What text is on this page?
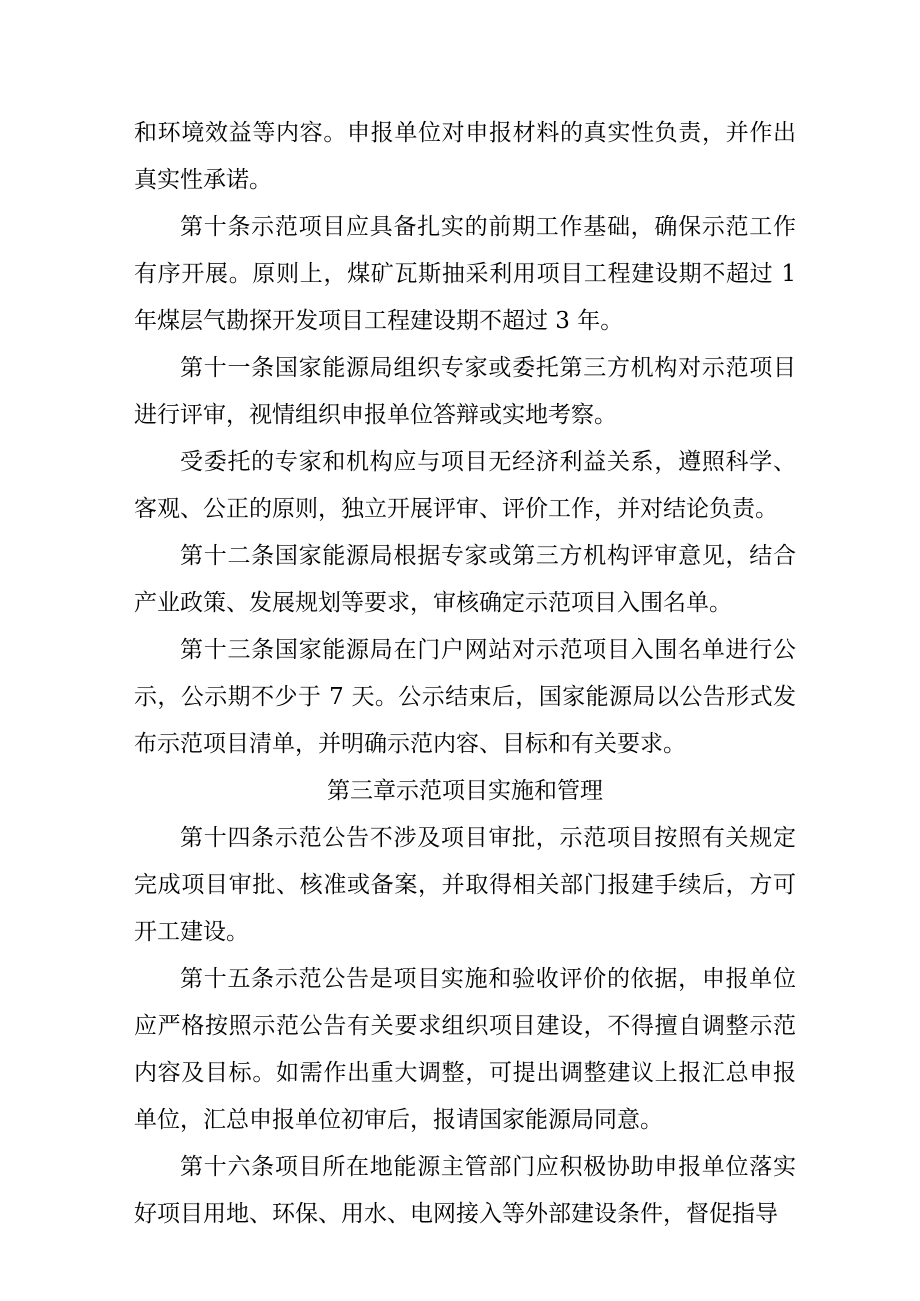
和环境效益等内容。申报单位对申报材料的真实性负责，并作出真实性承诺。

第十条示范项目应具备扎实的前期工作基础，确保示范工作有序开展。原则上，煤矿瓦斯抽采利用项目工程建设期不超过 1 年煤层气勘探开发项目工程建设期不超过 3 年。

第十一条国家能源局组织专家或委托第三方机构对示范项目进行评审，视情组织申报单位答辩或实地考察。

受委托的专家和机构应与项目无经济利益关系，遵照科学、客观、公正的原则，独立开展评审、评价工作，并对结论负责。

第十二条国家能源局根据专家或第三方机构评审意见，结合产业政策、发展规划等要求，审核确定示范项目入围名单。

第十三条国家能源局在门户网站对示范项目入围名单进行公示，公示期不少于 7 天。公示结束后，国家能源局以公告形式发布示范项目清单，并明确示范内容、目标和有关要求。

第三章示范项目实施和管理

第十四条示范公告不涉及项目审批，示范项目按照有关规定完成项目审批、核准或备案，并取得相关部门报建手续后，方可开工建设。

第十五条示范公告是项目实施和验收评价的依据，申报单位应严格按照示范公告有关要求组织项目建设，不得擅自调整示范内容及目标。如需作出重大调整，可提出调整建议上报汇总申报单位，汇总申报单位初审后，报请国家能源局同意。

第十六条项目所在地能源主管部门应积极协助申报单位落实好项目用地、环保、用水、电网接入等外部建设条件，督促指导
